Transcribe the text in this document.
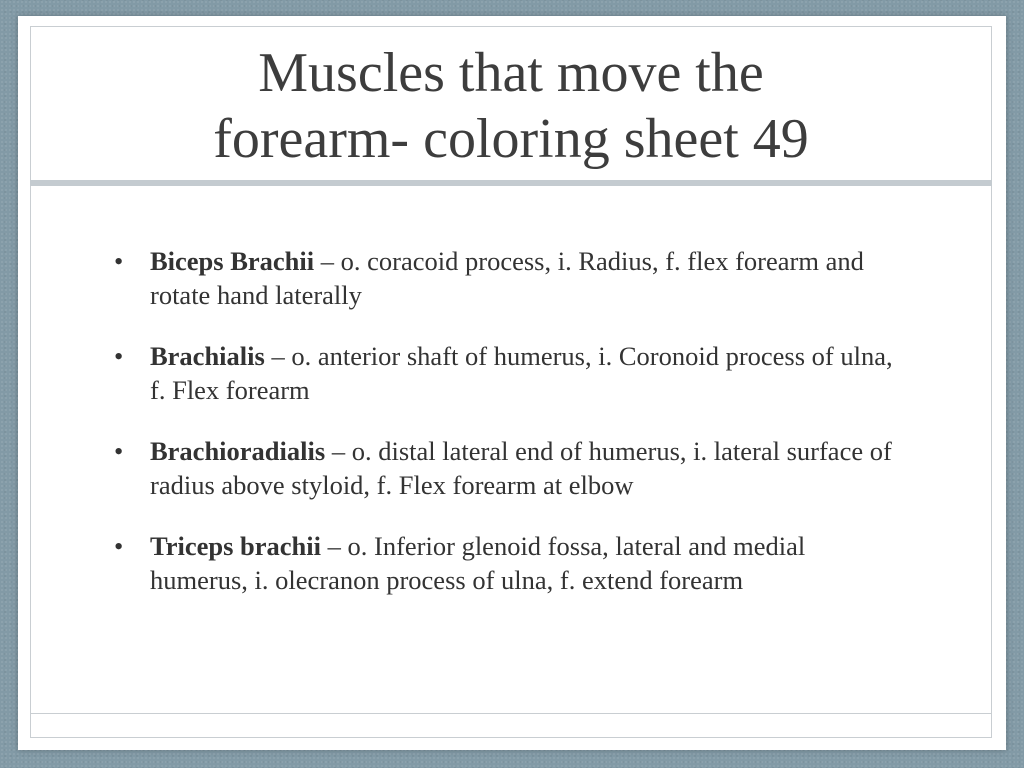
Muscles that move the
forearm- coloring sheet 49
• Biceps Brachii – o. coracoid process, i. Radius, f. flex forearm and rotate hand laterally
• Brachialis – o. anterior shaft of humerus, i. Coronoid process of ulna, f. Flex forearm
• Brachioradialis – o. distal lateral end of humerus, i. lateral surface of radius above styloid, f. Flex forearm at elbow
• Triceps brachii – o. Inferior glenoid fossa, lateral and medial humerus, i. olecranon process of ulna, f. extend forearm
